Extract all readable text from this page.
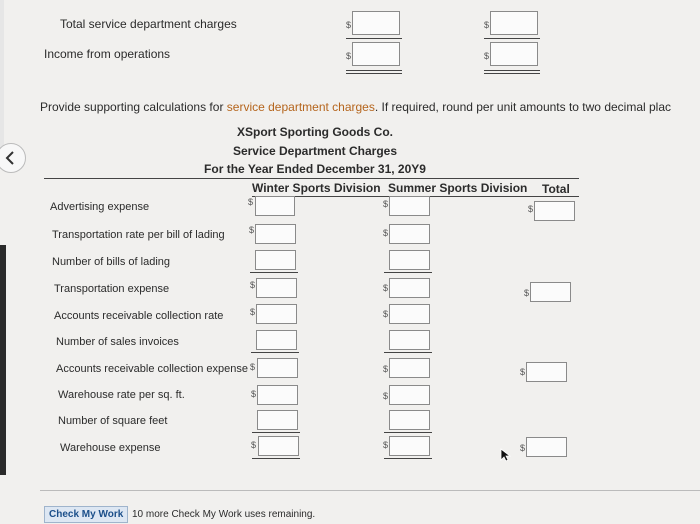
Total service department charges
Income from operations
$
$
$
$
Provide supporting calculations for service department charges. If required, round per unit amounts to two decimal plac
XSport Sporting Goods Co.
Service Department Charges
For the Year Ended December 31, 20Y9
Winter Sports Division Summer Sports Division Total
Advertising expense
Transportation rate per bill of lading
Number of bills of lading
Transportation expense
Accounts receivable collection rate
Number of sales invoices
Accounts receivable collection expense
Warehouse rate per sq. ft.
Number of square feet
Warehouse expense
$
$
$
$
$
$
$
$
$
$
$
$
$
$
$
$
$
$
Check My Work 10 more Check My Work uses remaining.
